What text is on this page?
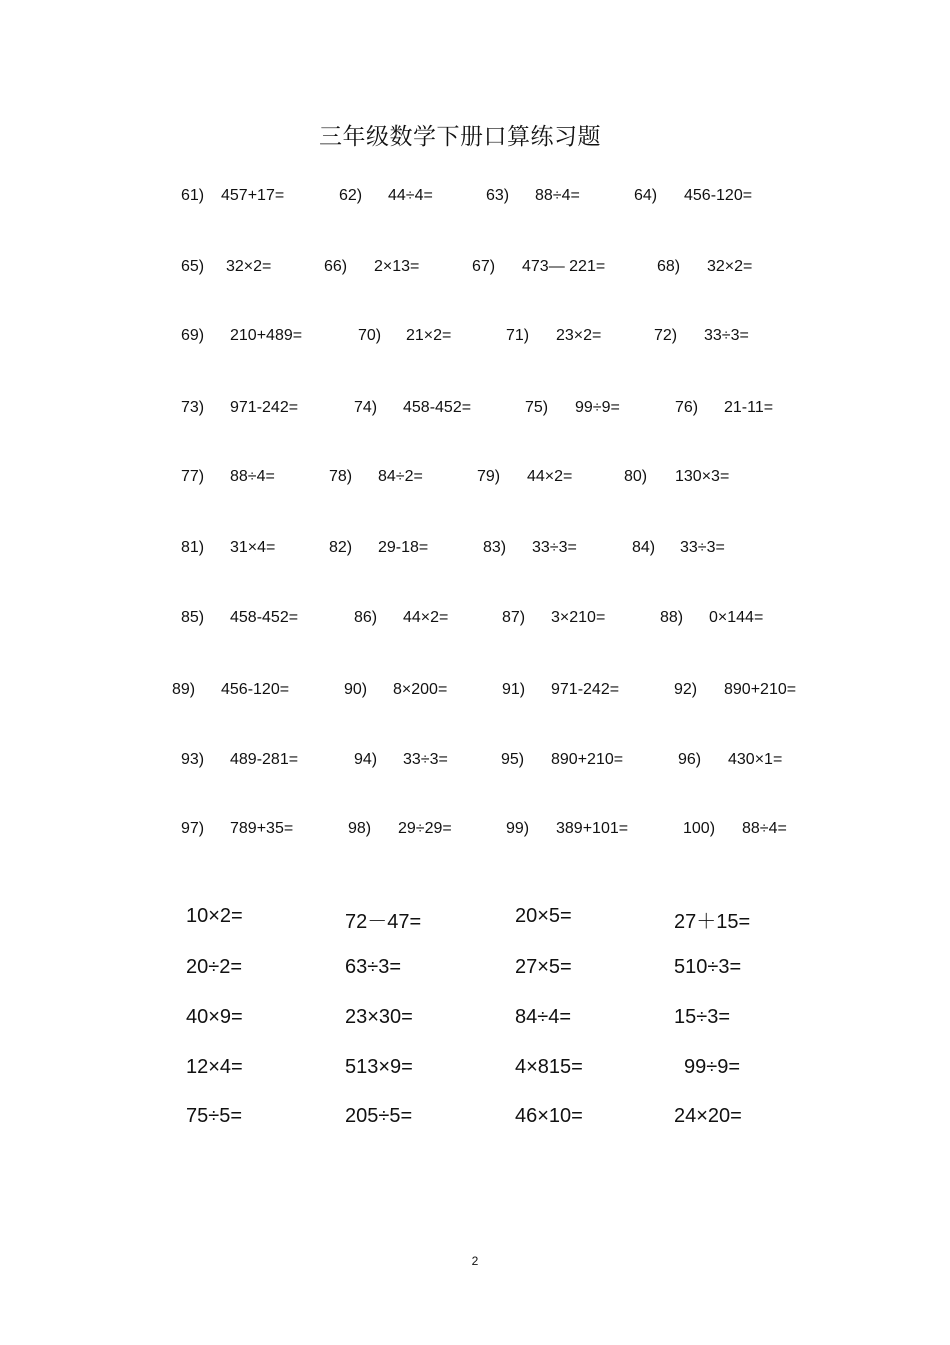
三年级数学下册口算练习题
61) 457+17=	62) 44÷4=	63) 88÷4=	64) 456-120=
65) 32×2=	66) 2×13=	67) 473— 221=	68) 32×2=
69) 210+489=	70) 21×2=	71) 23×2=	72) 33÷3=
73) 971-242=	74) 458-452=	75) 99÷9=	76) 21-11=
77) 88÷4=	78) 84÷2=	79) 44×2=	80) 130×3=
81) 31×4=	82) 29-18=	83) 33÷3=	84) 33÷3=
85) 458-452=	86) 44×2=	87) 3×210=	88) 0×144=
89) 456-120=	90) 8×200=	91) 971-242=	92) 890+210=
93) 489-281=	94) 33÷3=	95) 890+210=	96) 430×1=
97) 789+35=	98) 29÷29=	99) 389+101=	100) 88÷4=
10×2=	72－47=	20×5=	27＋15=
20÷2=	63÷3=	27×5=	510÷3=
40×9=	23×30=	84÷4=	15÷3=
12×4=	513×9=	4×815=	99÷9=
75÷5=	205÷5=	46×10=	24×20=
2
